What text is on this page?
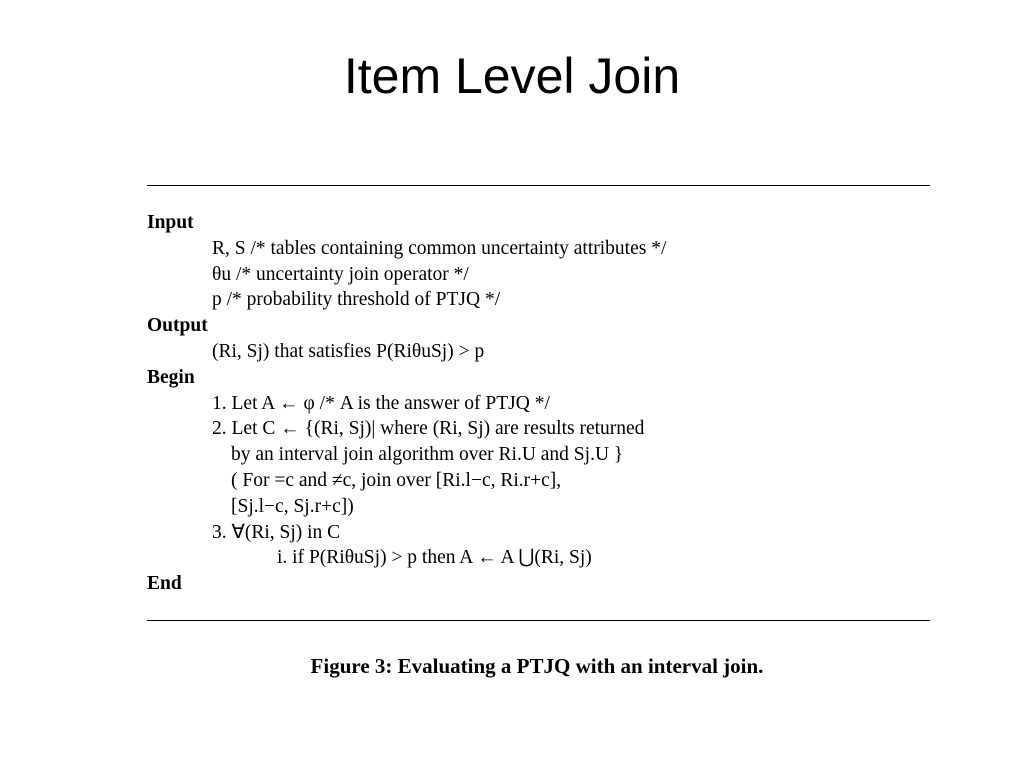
Item Level Join
Input
R, S /* tables containing common uncertainty attributes */
θu /* uncertainty join operator */
p /* probability threshold of PTJQ */
Output
(Ri, Sj) that satisfies P(RiθuSj) > p
Begin
1. Let A ← φ /* A is the answer of PTJQ */
2. Let C ← {(Ri, Sj)| where (Ri, Sj) are results returned
by an interval join algorithm over Ri.U and Sj.U }
( For =c and ≠c, join over [Ri.l−c, Ri.r+c],
[Sj.l−c, Sj.r+c])
3. ∀(Ri, Sj) in C
i. if P(RiθuSj) > p then A ← A ⋃(Ri, Sj)
End
Figure 3: Evaluating a PTJQ with an interval join.
